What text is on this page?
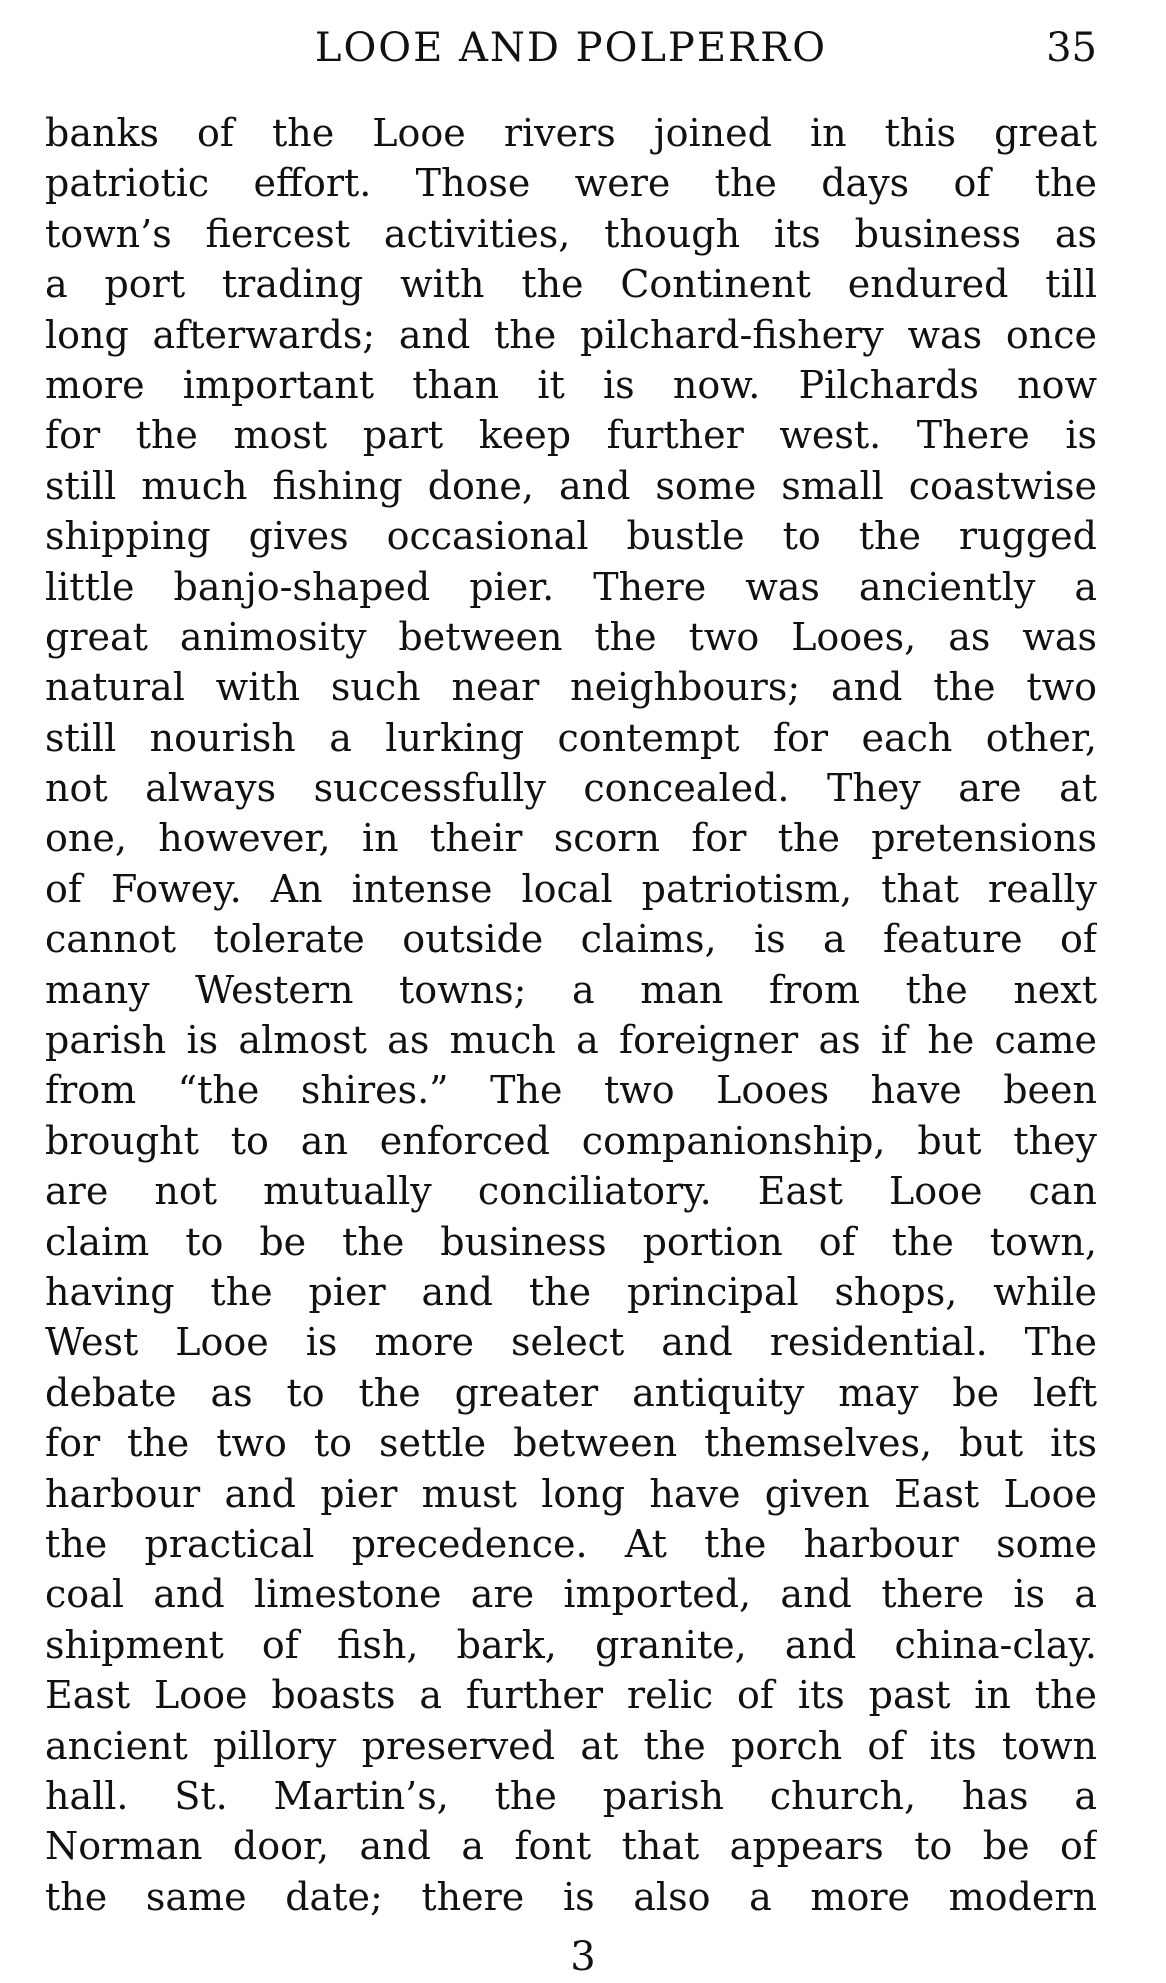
LOOE AND POLPERRO	35
banks of the Looe rivers joined in this great
patriotic effort. Those were the days of the
town’s fiercest activities, though its business as
a port trading with the Continent endured till
long afterwards; and the pilchard-fishery was once
more important than it is now. Pilchards now
for the most part keep further west. There is
still much fishing done, and some small coastwise
shipping gives occasional bustle to the rugged
little banjo-shaped pier. There was anciently a
great animosity between the two Looes, as was
natural with such near neighbours; and the two
still nourish a lurking contempt for each other,
not always successfully concealed. They are at
one, however, in their scorn for the pretensions
of Fowey. An intense local patriotism, that really
cannot tolerate outside claims, is a feature of
many Western towns; a man from the next
parish is almost as much a foreigner as if he came
from “the shires.” The two Looes have been
brought to an enforced companionship, but they
are not mutually conciliatory. East Looe can
claim to be the business portion of the town,
having the pier and the principal shops, while
West Looe is more select and residential. The
debate as to the greater antiquity may be left
for the two to settle between themselves, but its
harbour and pier must long have given East Looe
the practical precedence. At the harbour some
coal and limestone are imported, and there is a
shipment of fish, bark, granite, and china-clay.
East Looe boasts a further relic of its past in the
ancient pillory preserved at the porch of its town
hall. St. Martin’s, the parish church, has a
Norman door, and a font that appears to be of
the same date; there is also a more modern
3
